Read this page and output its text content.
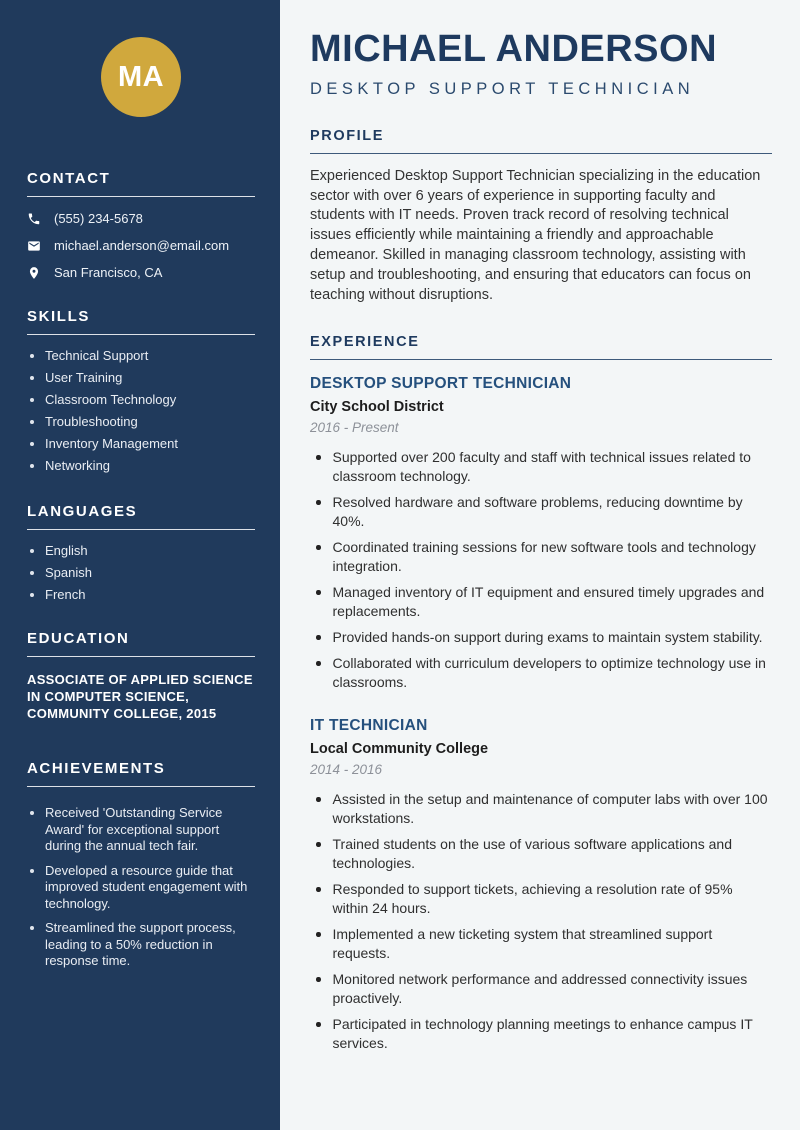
MA
CONTACT
(555) 234-5678
michael.anderson@email.com
San Francisco, CA
SKILLS
Technical Support
User Training
Classroom Technology
Troubleshooting
Inventory Management
Networking
LANGUAGES
English
Spanish
French
EDUCATION
ASSOCIATE OF APPLIED SCIENCE IN COMPUTER SCIENCE, COMMUNITY COLLEGE, 2015
ACHIEVEMENTS
Received 'Outstanding Service Award' for exceptional support during the annual tech fair.
Developed a resource guide that improved student engagement with technology.
Streamlined the support process, leading to a 50% reduction in response time.
MICHAEL ANDERSON
DESKTOP SUPPORT TECHNICIAN
PROFILE

Experienced Desktop Support Technician specializing in the education sector with over 6 years of experience in supporting faculty and students with IT needs. Proven track record of resolving technical issues efficiently while maintaining a friendly and approachable demeanor. Skilled in managing classroom technology, assisting with setup and troubleshooting, and ensuring that educators can focus on teaching without disruptions.

EXPERIENCE
DESKTOP SUPPORT TECHNICIAN
City School District
2016 - Present
Supported over 200 faculty and staff with technical issues related to classroom technology.
Resolved hardware and software problems, reducing downtime by 40%.
Coordinated training sessions for new software tools and technology integration.
Managed inventory of IT equipment and ensured timely upgrades and replacements.
Provided hands-on support during exams to maintain system stability.
Collaborated with curriculum developers to optimize technology use in classrooms.
IT TECHNICIAN
Local Community College
2014 - 2016
Assisted in the setup and maintenance of computer labs with over 100 workstations.
Trained students on the use of various software applications and technologies.
Responded to support tickets, achieving a resolution rate of 95% within 24 hours.
Implemented a new ticketing system that streamlined support requests.
Monitored network performance and addressed connectivity issues proactively.
Participated in technology planning meetings to enhance campus IT services.
